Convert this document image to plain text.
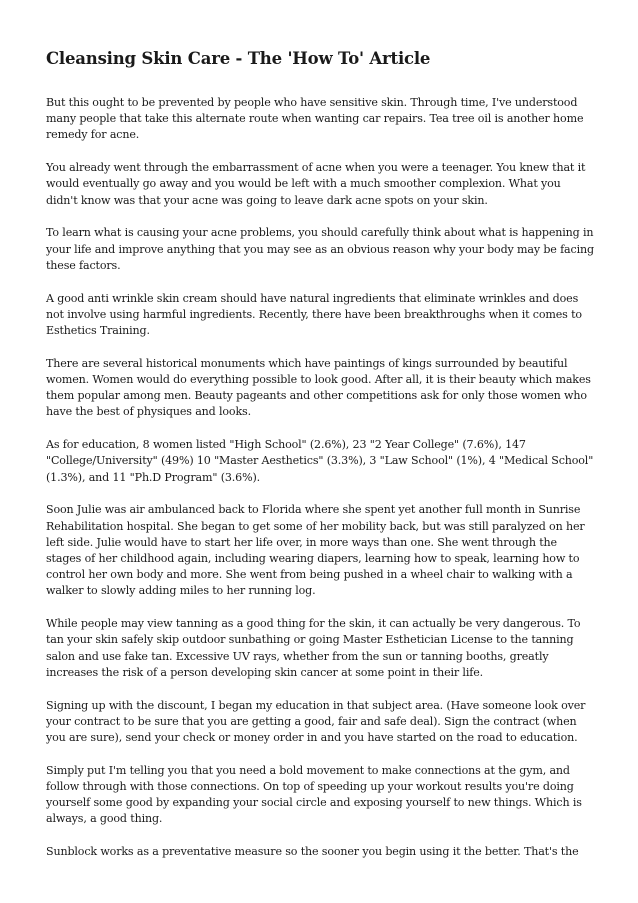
Cleansing Skin Care - The 'How To' Article

But this ought to be prevented by people who have sensitive skin. Through time, I've understood many people that take this alternate route when wanting car repairs. Tea tree oil is another home remedy for acne.

You already went through the embarrassment of acne when you were a teenager. You knew that it would eventually go away and you would be left with a much smoother complexion. What you didn't know was that your acne was going to leave dark acne spots on your skin.

To learn what is causing your acne problems, you should carefully think about what is happening in your life and improve anything that you may see as an obvious reason why your body may be facing these factors.

A good anti wrinkle skin cream should have natural ingredients that eliminate wrinkles and does not involve using harmful ingredients. Recently, there have been breakthroughs when it comes to Esthetics Training.

There are several historical monuments which have paintings of kings surrounded by beautiful women. Women would do everything possible to look good. After all, it is their beauty which makes them popular among men. Beauty pageants and other competitions ask for only those women who have the best of physiques and looks.

As for education, 8 women listed "High School" (2.6%), 23 "2 Year College" (7.6%), 147 "College/University" (49%) 10 "Master Aesthetics" (3.3%), 3 "Law School" (1%), 4 "Medical School" (1.3%), and 11 "Ph.D Program" (3.6%).

Soon Julie was air ambulanced back to Florida where she spent yet another full month in Sunrise Rehabilitation hospital. She began to get some of her mobility back, but was still paralyzed on her left side. Julie would have to start her life over, in more ways than one. She went through the stages of her childhood again, including wearing diapers, learning how to speak, learning how to control her own body and more. She went from being pushed in a wheel chair to walking with a walker to slowly adding miles to her running log.

While people may view tanning as a good thing for the skin, it can actually be very dangerous. To tan your skin safely skip outdoor sunbathing or going Master Esthetician License to the tanning salon and use fake tan. Excessive UV rays, whether from the sun or tanning booths, greatly increases the risk of a person developing skin cancer at some point in their life.

Signing up with the discount, I began my education in that subject area. (Have someone look over your contract to be sure that you are getting a good, fair and safe deal). Sign the contract (when you are sure), send your check or money order in and you have started on the road to education.

Simply put I'm telling you that you need a bold movement to make connections at the gym, and follow through with those connections. On top of speeding up your workout results you're doing yourself some good by expanding your social circle and exposing yourself to new things. Which is always, a good thing.

Sunblock works as a preventative measure so the sooner you begin using it the better. That's the
